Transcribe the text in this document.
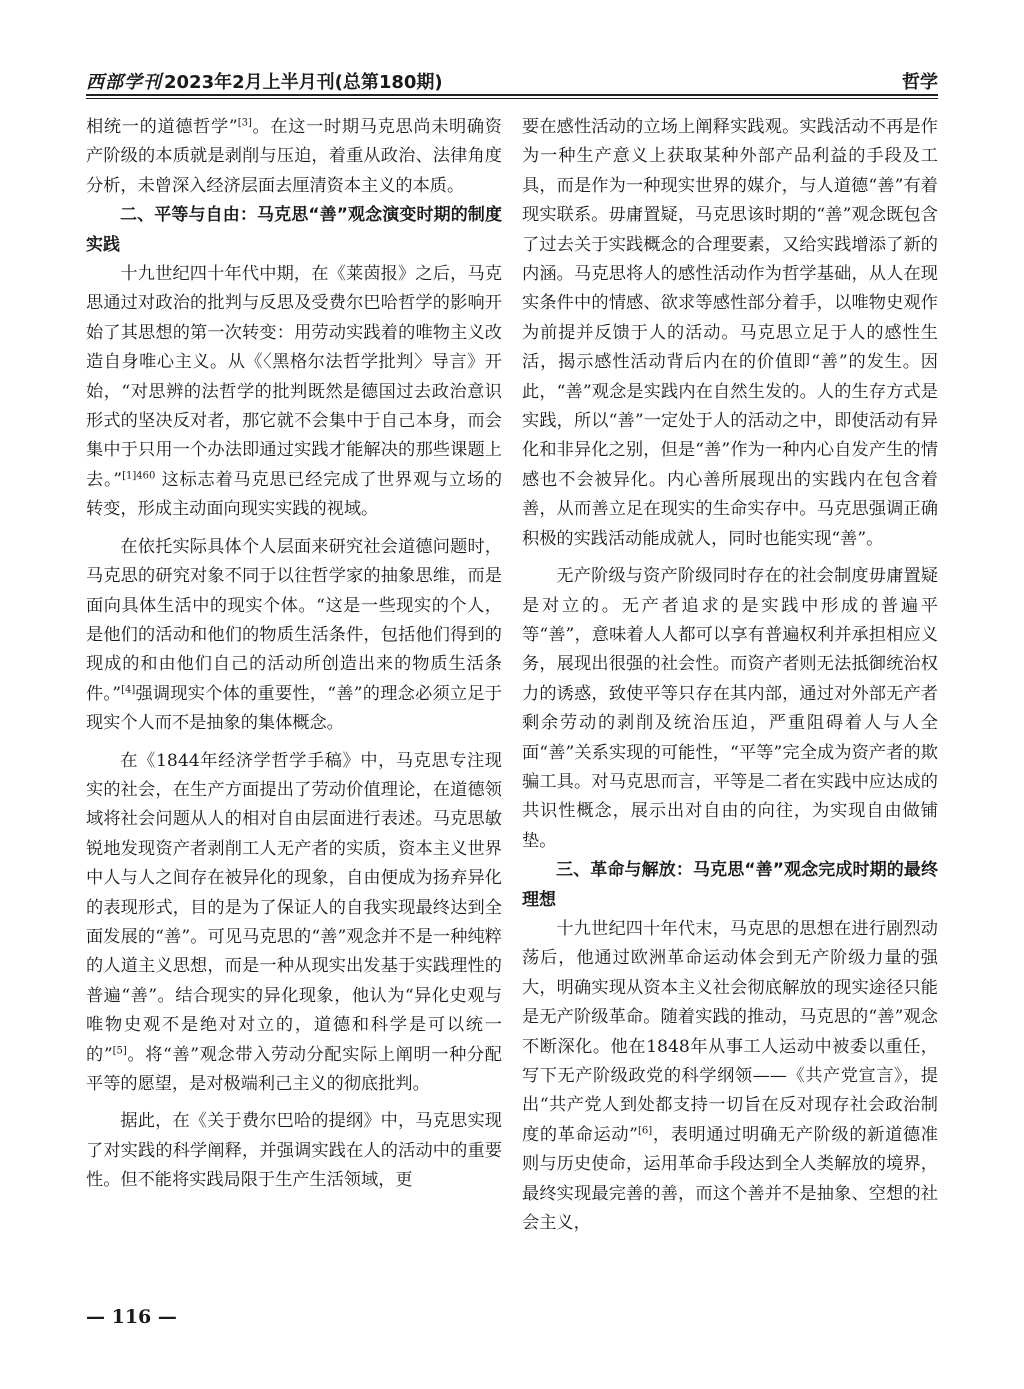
西部学刊 2023年2月上半月刊(总第180期)	哲学

相统一的道德哲学”[3]。在这一时期马克思尚未明确资产阶级的本质就是剥削与压迫，着重从政治、法律角度分析，未曾深入经济层面去厘清资本主义的本质。

二、平等与自由：马克思“善”观念演变时期的制度实践

十九世纪四十年代中期，在《莱茵报》之后，马克思通过对政治的批判与反思及受费尔巴哈哲学的影响开始了其思想的第一次转变：用劳动实践着的唯物主义改造自身唯心主义。从《〈黑格尔法哲学批判〉导言》开始，“对思辨的法哲学的批判既然是德国过去政治意识形式的坚决反对者，那它就不会集中于自己本身，而会集中于只用一个办法即通过实践才能解决的那些课题上去。”$^{[1]460}$ 这标志着马克思已经完成了世界观与立场的转变，形成主动面向现实实践的视域。

在依托实际具体个人层面来研究社会道德问题时，马克思的研究对象不同于以往哲学家的抽象思维，而是面向具体生活中的现实个体。“这是一些现实的个人，是他们的活动和他们的物质生活条件，包括他们得到的现成的和由他们自己的活动所创造出来的物质生活条件。”[4]强调现实个体的重要性，“善”的理念必须立足于现实个人而不是抽象的集体概念。

在《1844年经济学哲学手稿》中，马克思专注现实的社会，在生产方面提出了劳动价值理论，在道德领域将社会问题从人的相对自由层面进行表述。马克思敏锐地发现资产者剥削工人无产者的实质，资本主义世界中人与人之间存在被异化的现象，自由便成为扬弃异化的表现形式，目的是为了保证人的自我实现最终达到全面发展的“善”。可见马克思的“善”观念并不是一种纯粹的人道主义思想，而是一种从现实出发基于实践理性的普遍“善”。结合现实的异化现象，他认为“异化史观与唯物史观不是绝对对立的，道德和科学是可以统一的”[5]。将“善”观念带入劳动分配实际上阐明一种分配平等的愿望，是对极端利己主义的彻底批判。

据此，在《关于费尔巴哈的提纲》中，马克思实现了对实践的科学阐释，并强调实践在人的活动中的重要性。但不能将实践局限于生产生活领域，更

要在感性活动的立场上阐释实践观。实践活动不再是作为一种生产意义上获取某种外部产品利益的手段及工具，而是作为一种现实世界的媒介，与人道德“善”有着现实联系。毋庸置疑，马克思该时期的“善”观念既包含了过去关于实践概念的合理要素，又给实践增添了新的内涵。马克思将人的感性活动作为哲学基础，从人在现实条件中的情感、欲求等感性部分着手，以唯物史观作为前提并反馈于人的活动。马克思立足于人的感性生活，揭示感性活动背后内在的价值即“善”的发生。因此，“善”观念是实践内在自然生发的。人的生存方式是实践，所以“善”一定处于人的活动之中，即使活动有异化和非异化之别，但是“善”作为一种内心自发产生的情感也不会被异化。内心善所展现出的实践内在包含着善，从而善立足在现实的生命实存中。马克思强调正确积极的实践活动能成就人，同时也能实现“善”。

无产阶级与资产阶级同时存在的社会制度毋庸置疑是对立的。无产者追求的是实践中形成的普遍平等“善”，意味着人人都可以享有普遍权利并承担相应义务，展现出很强的社会性。而资产者则无法抵御统治权力的诱惑，致使平等只存在其内部，通过对外部无产者剩余劳动的剥削及统治压迫，严重阻碍着人与人全面“善”关系实现的可能性，“平等”完全成为资产者的欺骗工具。对马克思而言，平等是二者在实践中应达成的共识性概念，展示出对自由的向往，为实现自由做铺垫。

三、革命与解放：马克思“善”观念完成时期的最终理想

十九世纪四十年代末，马克思的思想在进行剧烈动荡后，他通过欧洲革命运动体会到无产阶级力量的强大，明确实现从资本主义社会彻底解放的现实途径只能是无产阶级革命。随着实践的推动，马克思的“善”观念不断深化。他在1848年从事工人运动中被委以重任，写下无产阶级政党的科学纲领——《共产党宣言》，提出“共产党人到处都支持一切旨在反对现存社会政治制度的革命运动”[6]，表明通过明确无产阶级的新道德准则与历史使命，运用革命手段达到全人类解放的境界，最终实现最完善的善，而这个善并不是抽象、空想的社会主义，

— 116 —
